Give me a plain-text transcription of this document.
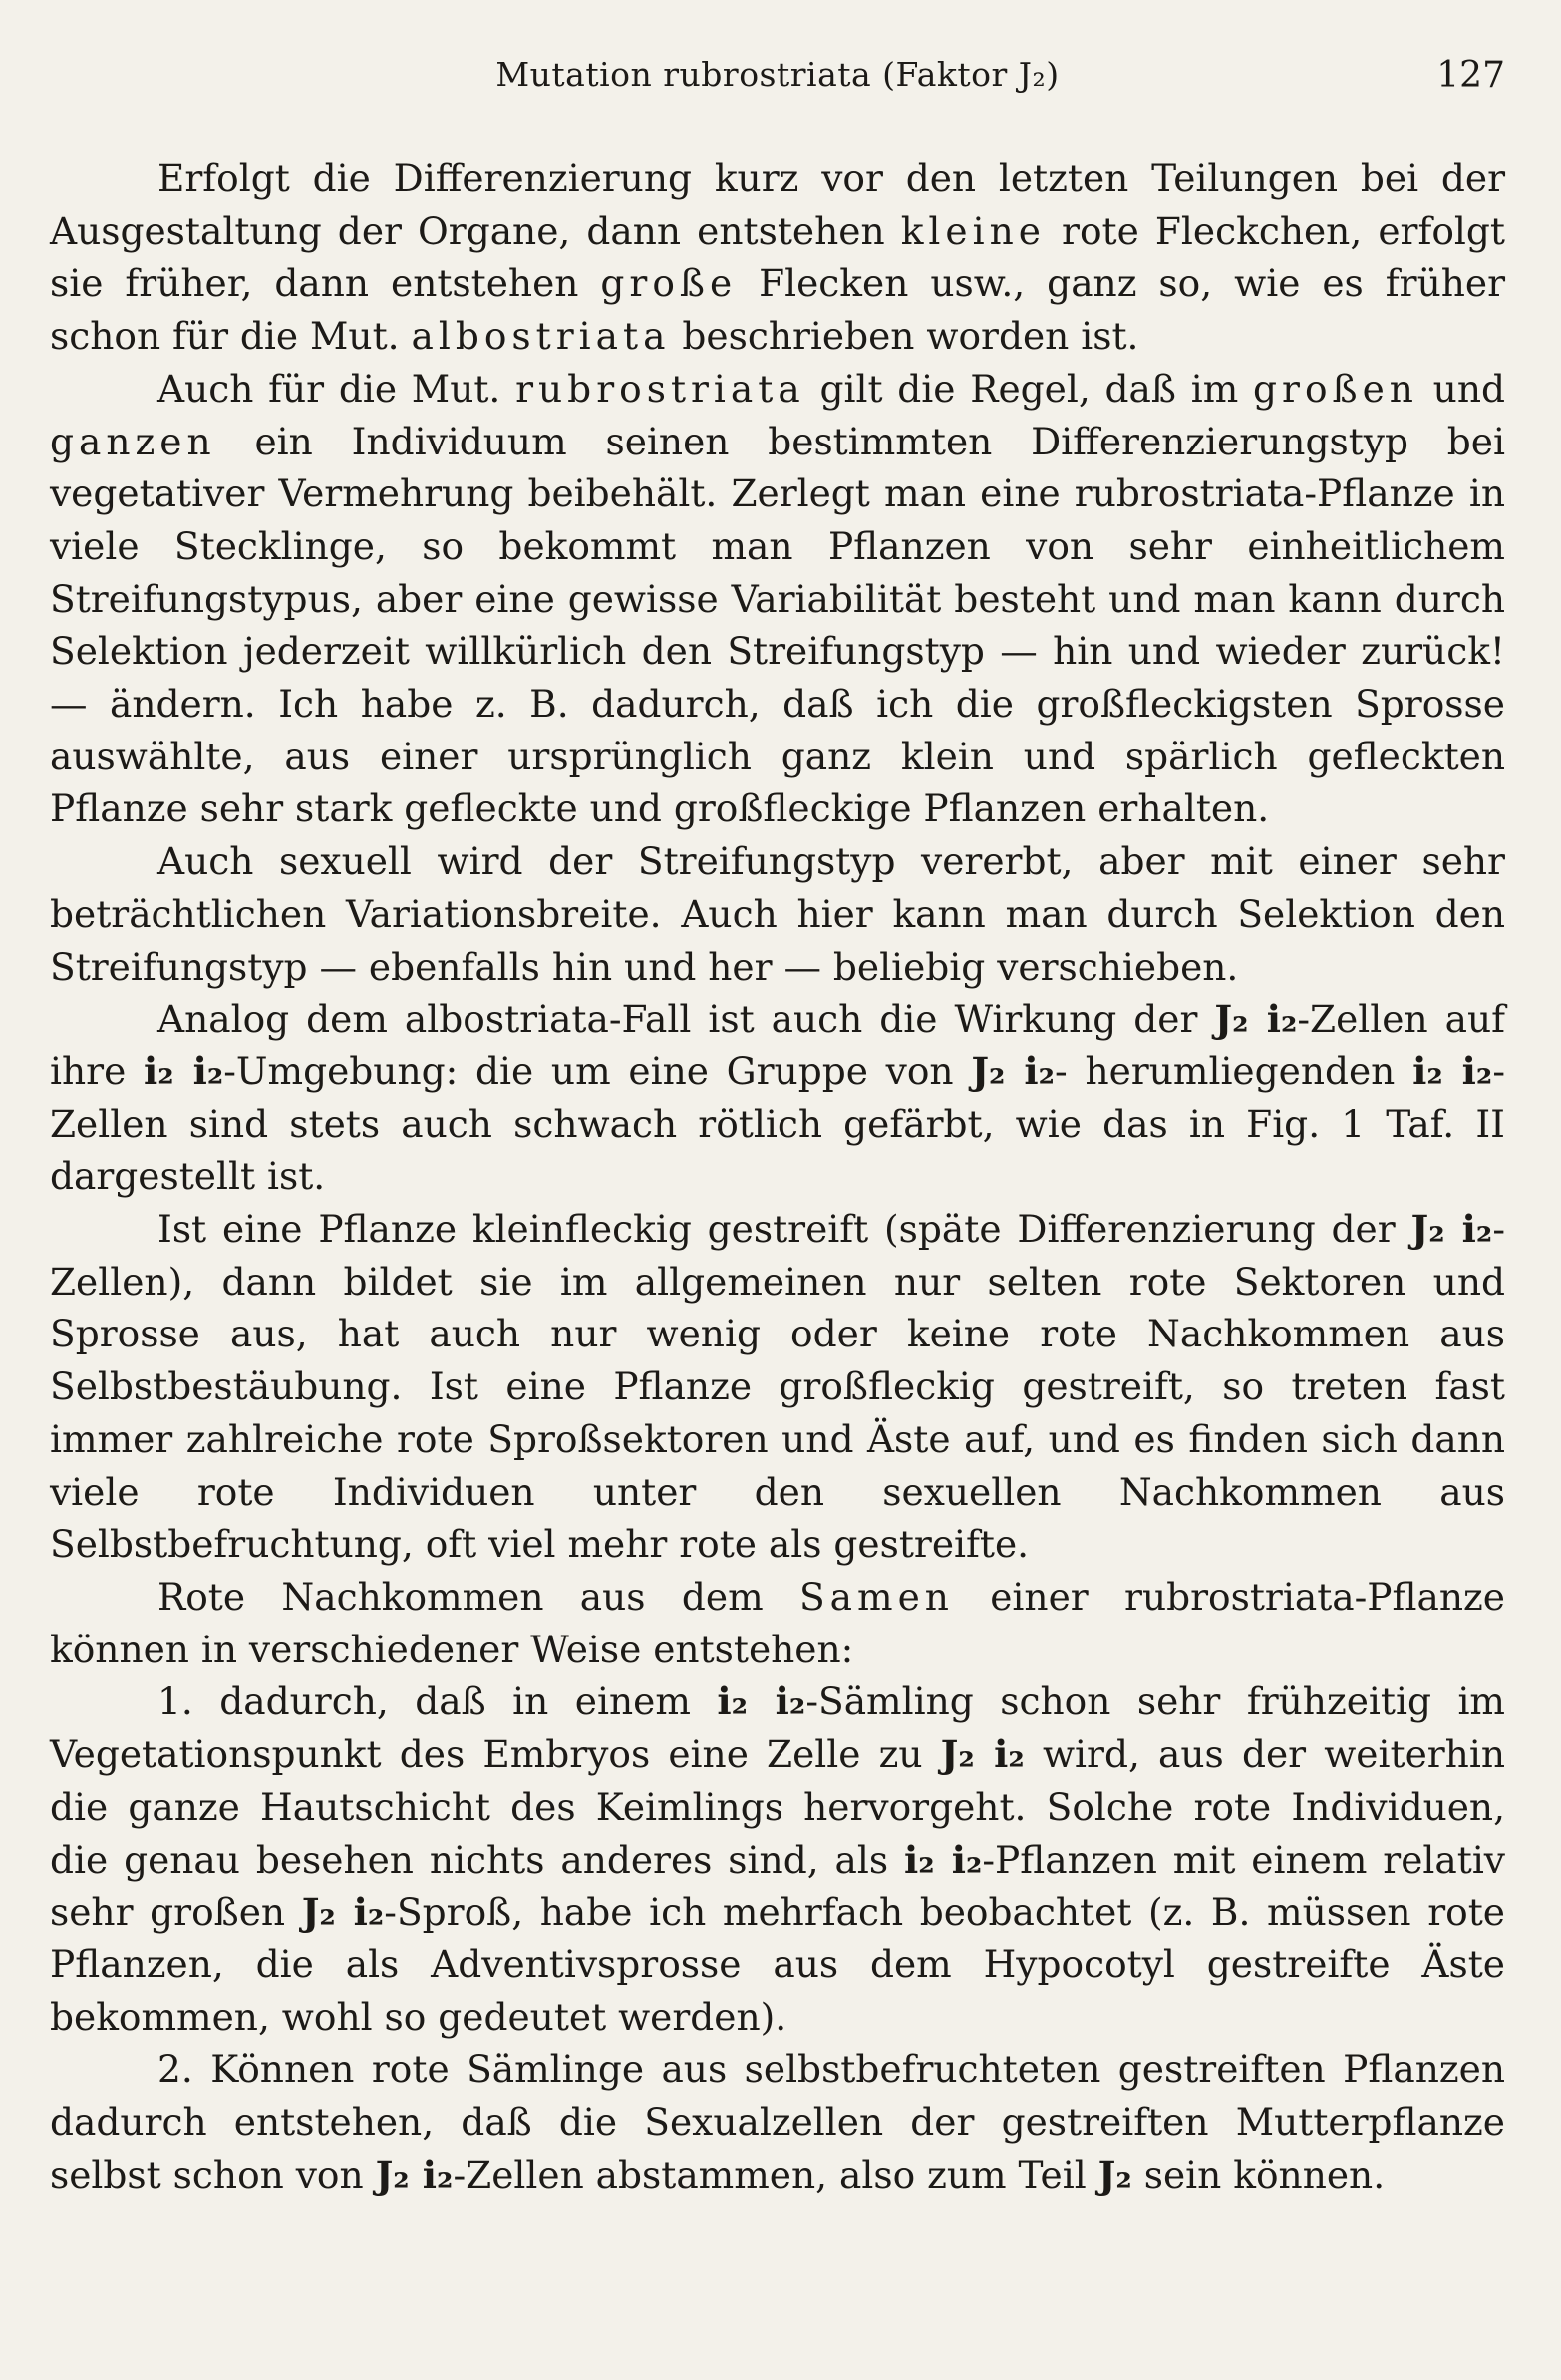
Mutation rubrostriata (Faktor J₂)	127

Erfolgt die Differenzierung kurz vor den letzten Teilungen bei der Ausgestaltung der Organe, dann entstehen kleine rote Fleckchen, erfolgt sie früher, dann entstehen große Flecken usw., ganz so, wie es früher schon für die Mut. albostriata beschrieben worden ist.

Auch für die Mut. rubrostriata gilt die Regel, daß im großen und ganzen ein Individuum seinen bestimmten Differenzierungstyp bei vegetativer Vermehrung beibehält. Zerlegt man eine rubrostriata-Pflanze in viele Stecklinge, so bekommt man Pflanzen von sehr einheitlichem Streifungstypus, aber eine gewisse Variabilität besteht und man kann durch Selektion jederzeit willkürlich den Streifungstyp — hin und wieder zurück! — ändern. Ich habe z. B. dadurch, daß ich die großfleckigsten Sprosse auswählte, aus einer ursprünglich ganz klein und spärlich gefleckten Pflanze sehr stark gefleckte und großfleckige Pflanzen erhalten.

Auch sexuell wird der Streifungstyp vererbt, aber mit einer sehr beträchtlichen Variationsbreite. Auch hier kann man durch Selektion den Streifungstyp — ebenfalls hin und her — beliebig verschieben.

Analog dem albostriata-Fall ist auch die Wirkung der J₂ i₂-Zellen auf ihre i₂ i₂-Umgebung: die um eine Gruppe von J₂ i₂- herumliegenden i₂ i₂-Zellen sind stets auch schwach rötlich gefärbt, wie das in Fig. 1 Taf. II dargestellt ist.

Ist eine Pflanze kleinfleckig gestreift (späte Differenzierung der J₂ i₂-Zellen), dann bildet sie im allgemeinen nur selten rote Sektoren und Sprosse aus, hat auch nur wenig oder keine rote Nachkommen aus Selbstbestäubung. Ist eine Pflanze großfleckig gestreift, so treten fast immer zahlreiche rote Sproßsektoren und Äste auf, und es finden sich dann viele rote Individuen unter den sexuellen Nachkommen aus Selbstbefruchtung, oft viel mehr rote als gestreifte.

Rote Nachkommen aus dem Samen einer rubrostriata-Pflanze können in verschiedener Weise entstehen:

1. dadurch, daß in einem i₂ i₂-Sämling schon sehr frühzeitig im Vegetationspunkt des Embryos eine Zelle zu J₂ i₂ wird, aus der weiterhin die ganze Hautschicht des Keimlings hervorgeht. Solche rote Individuen, die genau besehen nichts anderes sind, als i₂ i₂-Pflanzen mit einem relativ sehr großen J₂ i₂-Sproß, habe ich mehrfach beobachtet (z. B. müssen rote Pflanzen, die als Adventivsprosse aus dem Hypocotyl gestreifte Äste bekommen, wohl so gedeutet werden).

2. Können rote Sämlinge aus selbstbefruchteten gestreiften Pflanzen dadurch entstehen, daß die Sexualzellen der gestreiften Mutterpflanze selbst schon von J₂ i₂-Zellen abstammen, also zum Teil J₂ sein können.
